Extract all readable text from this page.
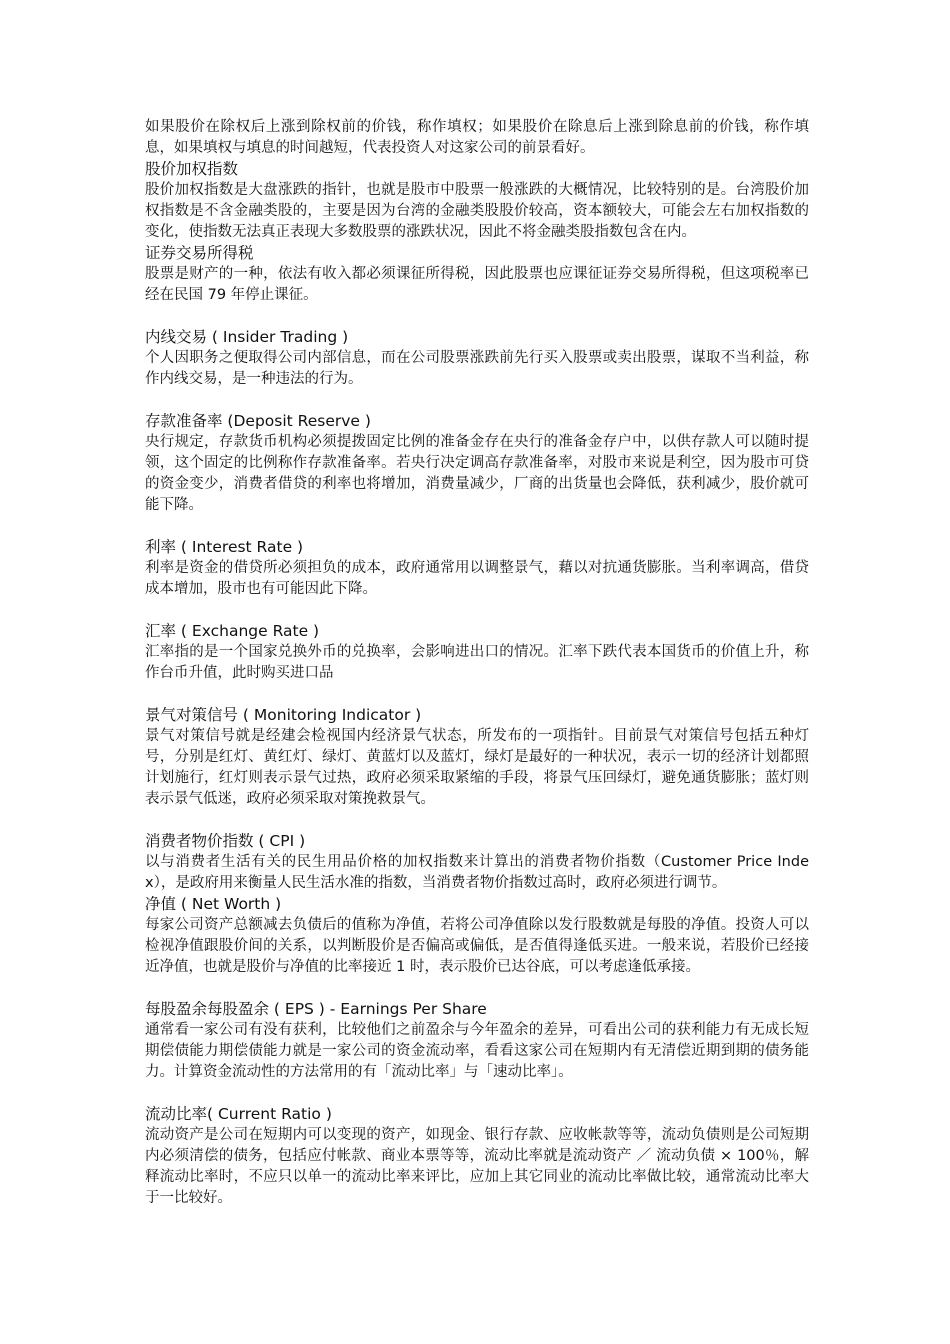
如果股价在除权后上涨到除权前的价钱，称作填权；如果股价在除息后上涨到除息前的价钱，称作填息，如果填权与填息的时间越短，代表投资人对这家公司的前景看好。

股价加权指数

股价加权指数是大盘涨跌的指针，也就是股市中股票一般涨跌的大概情况，比较特别的是。台湾股价加权指数是不含金融类股的，主要是因为台湾的金融类股股价较高，资本额较大，可能会左右加权指数的变化，使指数无法真正表现大多数股票的涨跌状况，因此不将金融类股指数包含在内。

证券交易所得税

股票是财产的一种，依法有收入都必须课征所得税，因此股票也应课征证券交易所得税，但这项税率已经在民国 79 年停止课征。

内线交易 ( Insider Trading )

个人因职务之便取得公司内部信息，而在公司股票涨跌前先行买入股票或卖出股票，谋取不当利益，称作内线交易，是一种违法的行为。

存款准备率 (Deposit Reserve )

央行规定，存款货币机构必须提拨固定比例的准备金存在央行的准备金存户中，以供存款人可以随时提领，这个固定的比例称作存款准备率。若央行决定调高存款准备率，对股市来说是利空，因为股市可贷的资金变少，消费者借贷的利率也将增加，消费量减少，厂商的出货量也会降低，获利减少，股价就可能下降。

利率 ( Interest Rate )

利率是资金的借贷所必须担负的成本，政府通常用以调整景气，藉以对抗通货膨胀。当利率调高，借贷成本增加，股市也有可能因此下降。

汇率 ( Exchange Rate )

汇率指的是一个国家兑换外币的兑换率，会影响进出口的情况。汇率下跌代表本国货币的价值上升，称作台币升值，此时购买进口品

景气对策信号 ( Monitoring Indicator )

景气对策信号就是经建会检视国内经济景气状态，所发布的一项指针。目前景气对策信号包括五种灯号，分别是红灯、黄红灯、绿灯、黄蓝灯以及蓝灯，绿灯是最好的一种状况，表示一切的经济计划都照计划施行，红灯则表示景气过热，政府必须采取紧缩的手段，将景气压回绿灯，避免通货膨胀；蓝灯则表示景气低迷，政府必须采取对策挽救景气。

消费者物价指数 ( CPI )

以与消费者生活有关的民生用品价格的加权指数来计算出的消费者物价指数（Customer Price Index），是政府用来衡量人民生活水准的指数，当消费者物价指数过高时，政府必须进行调节。

净值 ( Net Worth )

每家公司资产总额减去负债后的值称为净值，若将公司净值除以发行股数就是每股的净值。投资人可以检视净值跟股价间的关系，以判断股价是否偏高或偏低，是否值得逢低买进。一般来说，若股价已经接近净值，也就是股价与净值的比率接近 1 时，表示股价已达谷底，可以考虑逢低承接。

每股盈余每股盈余 ( EPS ) - Earnings Per Share

通常看一家公司有没有获利，比较他们之前盈余与今年盈余的差异，可看出公司的获利能力有无成长短期偿债能力期偿债能力就是一家公司的资金流动率，看看这家公司在短期内有无清偿近期到期的债务能力。计算资金流动性的方法常用的有「流动比率」与「速动比率」。

流动比率( Current Ratio )

流动资产是公司在短期内可以变现的资产，如现金、银行存款、应收帐款等等，流动负债则是公司短期内必须清偿的债务，包括应付帐款、商业本票等等，流动比率就是流动资产 ／ 流动负债 × 100％，解释流动比率时，不应只以单一的流动比率来评比，应加上其它同业的流动比率做比较，通常流动比率大于一比较好。
